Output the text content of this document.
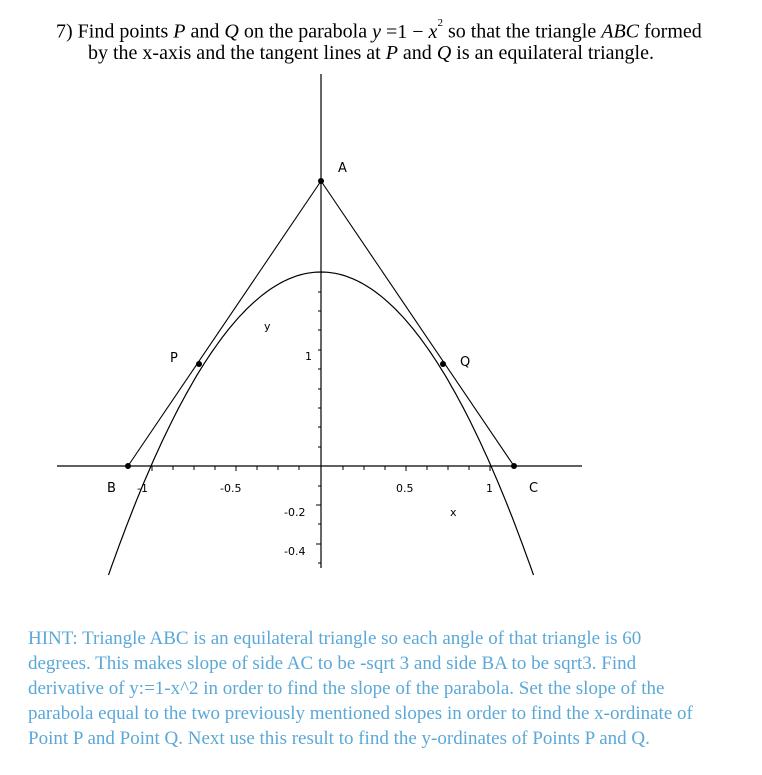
7) Find points P and Q on the parabola $y =1 - x^2$ so that the triangle ABC formed
by the x-axis and the tangent lines at P and Q is an equilateral triangle.
A
B	C
P	Q
y
x
-1	-0.5	0.5	1
1
-0.2
-0.4
HINT: Triangle ABC is an equilateral triangle so each angle of that triangle is 60
degrees. This makes slope of side AC to be -sqrt 3 and side BA to be sqrt3. Find
derivative of y:=1-x^2 in order to find the slope of the parabola. Set the slope of the
parabola equal to the two previously mentioned slopes in order to find the x-ordinate of
Point P and Point Q. Next use this result to find the y-ordinates of Points P and Q.
